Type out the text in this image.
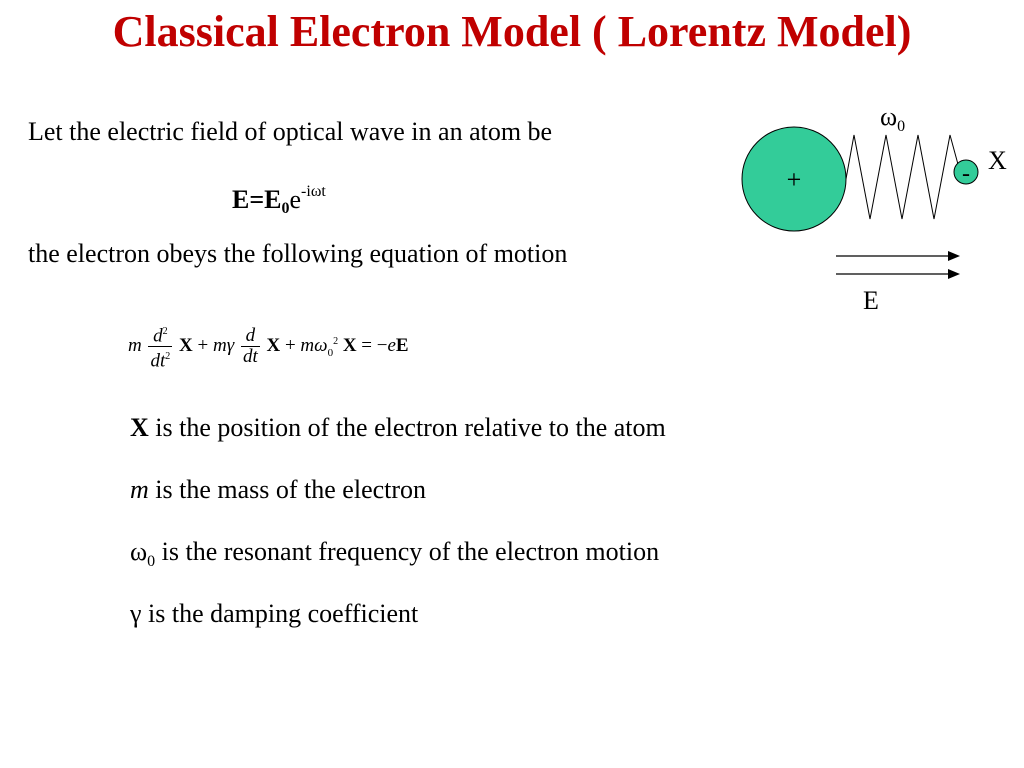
Classical Electron Model ( Lorentz Model)

Let the electric field of optical wave in an atom be

$E=E_0e^{-i\omega t}$

the electron obeys the following equation of motion

m $\frac{d^2}{dt^2}$ X + mγ $\frac{d}{dt}$ $X + m\omega_0^2$ X = −eE
X is the position of the electron relative to the atom
m is the mass of the electron
$\omega_0$ is the resonant frequency of the electron motion
γ is the damping coefficient
+
$\omega_0$
- X
E
